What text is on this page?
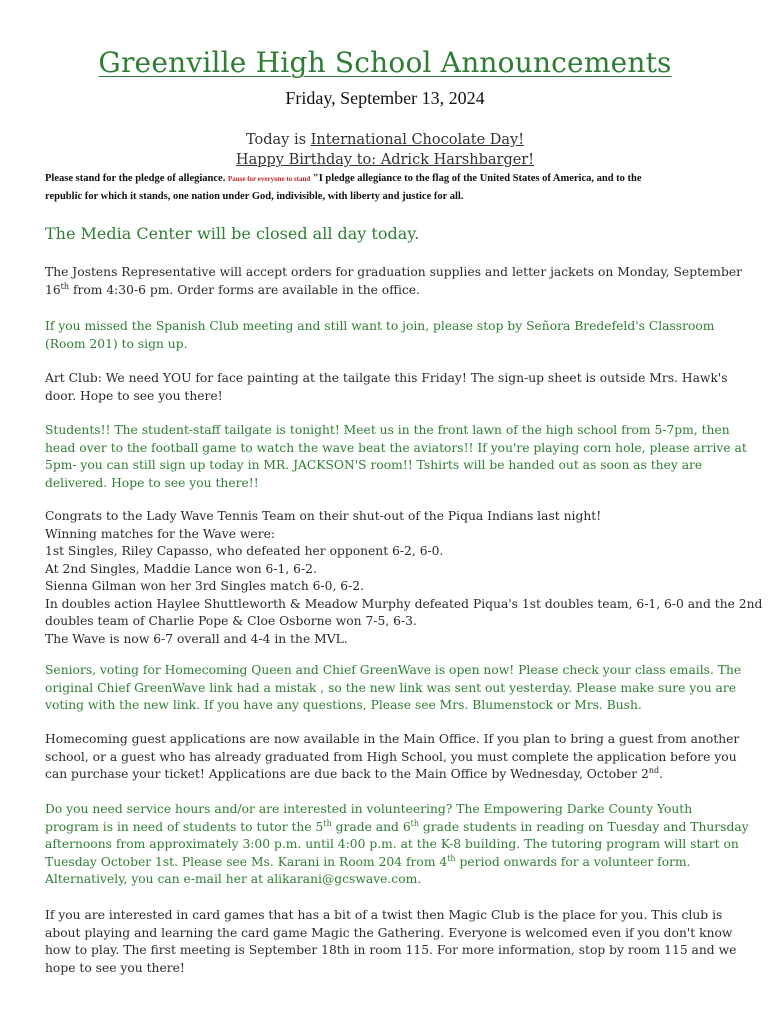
Greenville High School Announcements
Friday, September 13, 2024
Today is International Chocolate Day!
Happy Birthday to: Adrick Harshbarger!
Please stand for the pledge of allegiance. Pause for everyone to stand "I pledge allegiance to the flag of the United States of America, and to the
republic for which it stands, one nation under God, indivisible, with liberty and justice for all.
The Media Center will be closed all day today.
The Jostens Representative will accept orders for graduation supplies and letter jackets on Monday, September
16th from 4:30-6 pm. Order forms are available in the office.
If you missed the Spanish Club meeting and still want to join, please stop by Señora Bredefeld's Classroom
(Room 201) to sign up.
Art Club: We need YOU for face painting at the tailgate this Friday! The sign-up sheet is outside Mrs. Hawk's
door. Hope to see you there!
Students!! The student-staff tailgate is tonight! Meet us in the front lawn of the high school from 5-7pm, then
head over to the football game to watch the wave beat the aviators!! If you're playing corn hole, please arrive at
5pm- you can still sign up today in MR. JACKSON'S room!! Tshirts will be handed out as soon as they are
delivered. Hope to see you there!!
Congrats to the Lady Wave Tennis Team on their shut-out of the Piqua Indians last night!
Winning matches for the Wave were:
1st Singles, Riley Capasso, who defeated her opponent 6-2, 6-0.
At 2nd Singles, Maddie Lance won 6-1, 6-2.
Sienna Gilman won her 3rd Singles match 6-0, 6-2.
In doubles action Haylee Shuttleworth & Meadow Murphy defeated Piqua's 1st doubles team, 6-1, 6-0 and the 2nd
doubles team of Charlie Pope & Cloe Osborne won 7-5, 6-3.
The Wave is now 6-7 overall and 4-4 in the MVL.
Seniors, voting for Homecoming Queen and Chief GreenWave is open now! Please check your class emails. The
original Chief GreenWave link had a mistak , so the new link was sent out yesterday. Please make sure you are
voting with the new link. If you have any questions, Please see Mrs. Blumenstock or Mrs. Bush.
Homecoming guest applications are now available in the Main Office. If you plan to bring a guest from another
school, or a guest who has already graduated from High School, you must complete the application before you
can purchase your ticket! Applications are due back to the Main Office by Wednesday, October 2nd.
Do you need service hours and/or are interested in volunteering? The Empowering Darke County Youth
program is in need of students to tutor the 5th grade and 6th grade students in reading on Tuesday and Thursday
afternoons from approximately 3:00 p.m. until 4:00 p.m. at the K-8 building. The tutoring program will start on
Tuesday October 1st. Please see Ms. Karani in Room 204 from 4th period onwards for a volunteer form.
Alternatively, you can e-mail her at alikarani@gcswave.com.
If you are interested in card games that has a bit of a twist then Magic Club is the place for you. This club is
about playing and learning the card game Magic the Gathering. Everyone is welcomed even if you don't know
how to play. The first meeting is September 18th in room 115. For more information, stop by room 115 and we
hope to see you there!
